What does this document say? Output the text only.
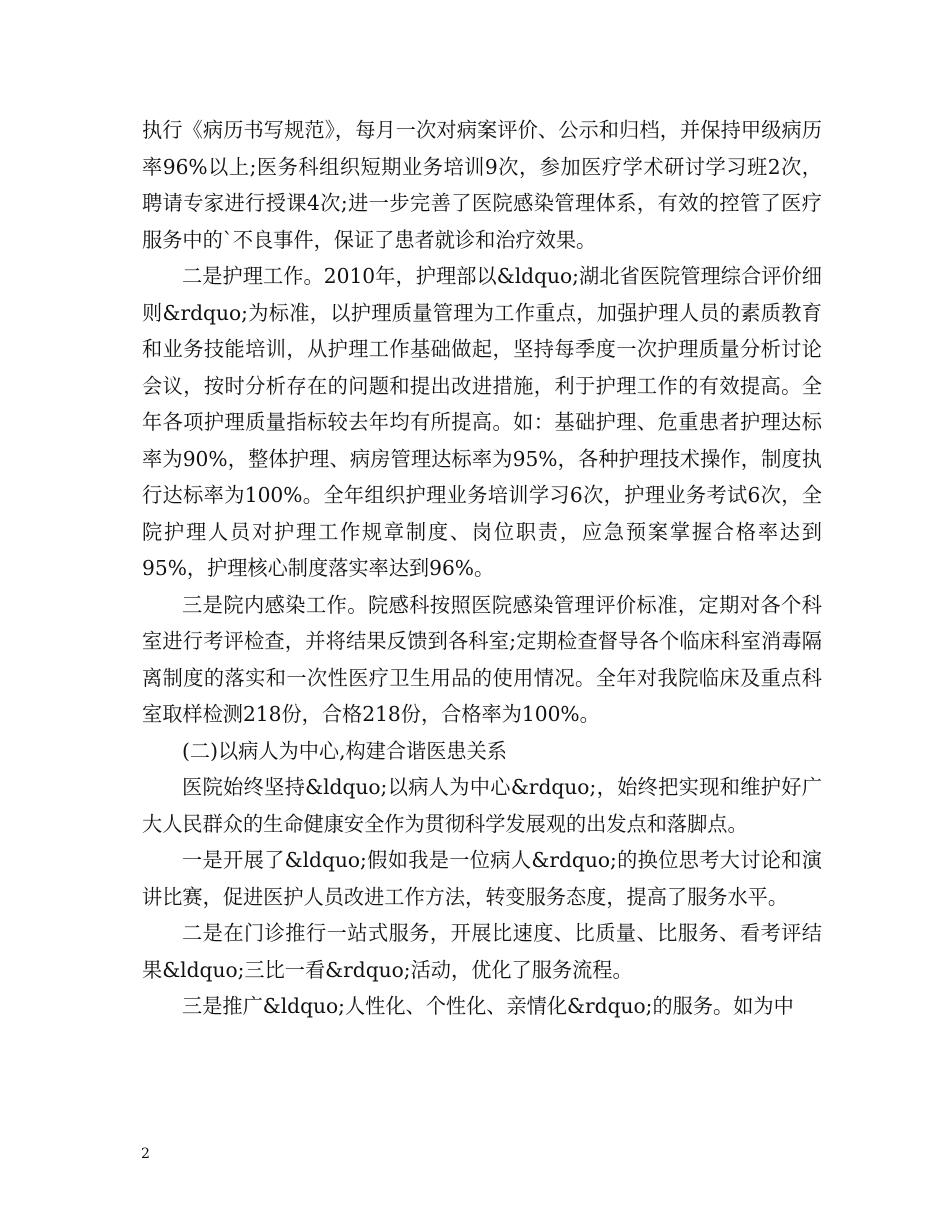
执行《病历书写规范》，每月一次对病案评价、公示和归档，并保持甲级病历率96%以上;医务科组织短期业务培训9次，参加医疗学术研讨学习班2次，聘请专家进行授课4次;进一步完善了医院感染管理体系，有效的控管了医疗服务中的`不良事件，保证了患者就诊和治疗效果。

二是护理工作。2010年，护理部以&ldquo;湖北省医院管理综合评价细则&rdquo;为标准，以护理质量管理为工作重点，加强护理人员的素质教育和业务技能培训，从护理工作基础做起，坚持每季度一次护理质量分析讨论会议，按时分析存在的问题和提出改进措施，利于护理工作的有效提高。全年各项护理质量指标较去年均有所提高。如：基础护理、危重患者护理达标率为90%，整体护理、病房管理达标率为95%，各种护理技术操作，制度执行达标率为100%。全年组织护理业务培训学习6次，护理业务考试6次，全院护理人员对护理工作规章制度、岗位职责，应急预案掌握合格率达到95%，护理核心制度落实率达到96%。

三是院内感染工作。院感科按照医院感染管理评价标准，定期对各个科室进行考评检查，并将结果反馈到各科室;定期检查督导各个临床科室消毒隔离制度的落实和一次性医疗卫生用品的使用情况。全年对我院临床及重点科室取样检测218份，合格218份，合格率为100%。

(二)以病人为中心,构建合谐医患关系

医院始终坚持&ldquo;以病人为中心&rdquo;，始终把实现和维护好广大人民群众的生命健康安全作为贯彻科学发展观的出发点和落脚点。

一是开展了&ldquo;假如我是一位病人&rdquo;的换位思考大讨论和演讲比赛，促进医护人员改进工作方法，转变服务态度，提高了服务水平。

二是在门诊推行一站式服务，开展比速度、比质量、比服务、看考评结果&ldquo;三比一看&rdquo;活动，优化了服务流程。

三是推广&ldquo;人性化、个性化、亲情化&rdquo;的服务。如为中

2
